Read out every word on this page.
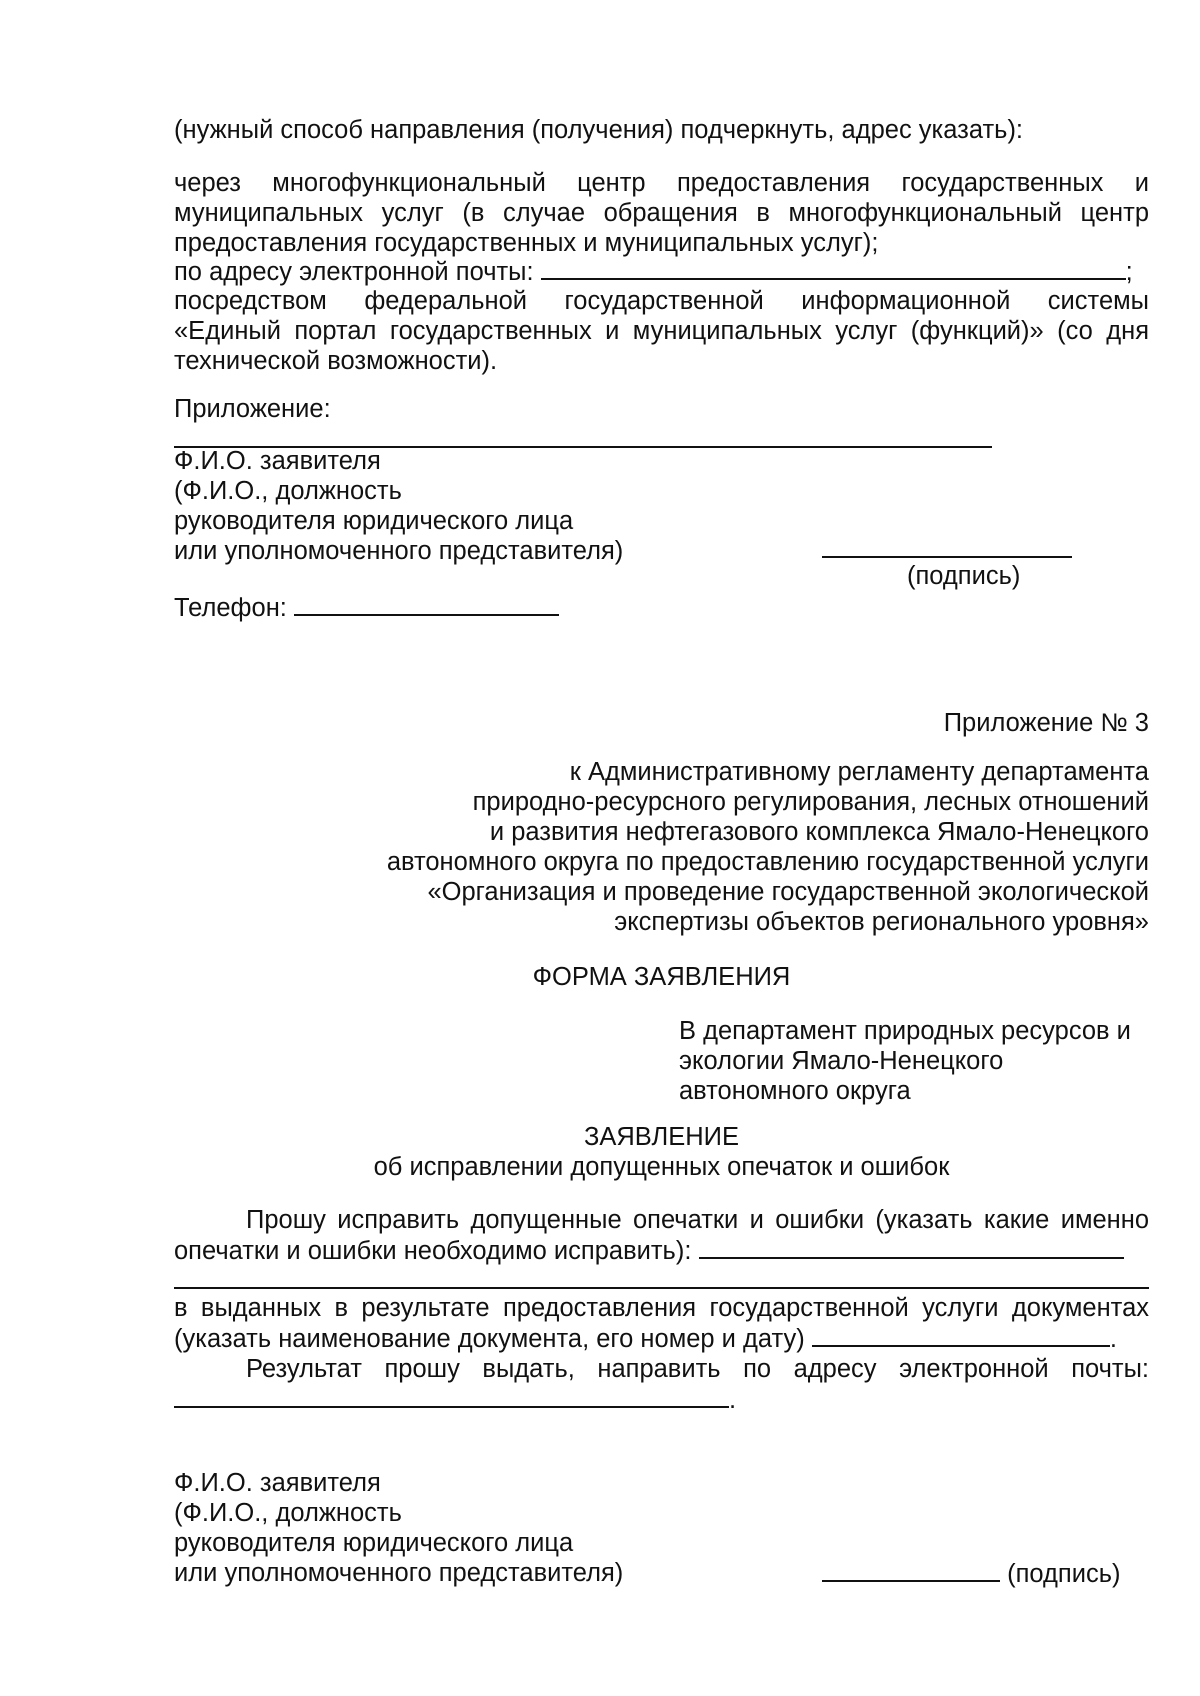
(нужный способ направления (получения) подчеркнуть, адрес указать):
через многофункциональный центр предоставления государственных и
муниципальных услуг (в случае обращения в многофункциональный центр
предоставления государственных и муниципальных услуг);
по адресу электронной почты:	;
посредством федеральной государственной информационной системы
«Единый портал государственных и муниципальных услуг (функций)» (со дня
технической возможности).
Приложение:
Ф.И.О. заявителя
(Ф.И.О., должность
руководителя юридического лица
или уполномоченного представителя)
(подпись)
Телефон:
Приложение № 3
к Административному регламенту департамента
природно-ресурсного регулирования, лесных отношений
и развития нефтегазового комплекса Ямало-Ненецкого
автономного округа по предоставлению государственной услуги
«Организация и проведение государственной экологической
экспертизы объектов регионального уровня»
ФОРМА ЗАЯВЛЕНИЯ
В департамент природных ресурсов и
экологии Ямало-Ненецкого
автономного округа
ЗАЯВЛЕНИЕ
об исправлении допущенных опечаток и ошибок
Прошу исправить допущенные опечатки и ошибки (указать какие именно
опечатки и ошибки необходимо исправить):
в выданных в результате предоставления государственной услуги документах
(указать наименование документа, его номер и дату)	.
Результат прошу выдать, направить по адресу электронной почты:
.
Ф.И.О. заявителя
(Ф.И.О., должность
руководителя юридического лица
или уполномоченного представителя)	(подпись)
